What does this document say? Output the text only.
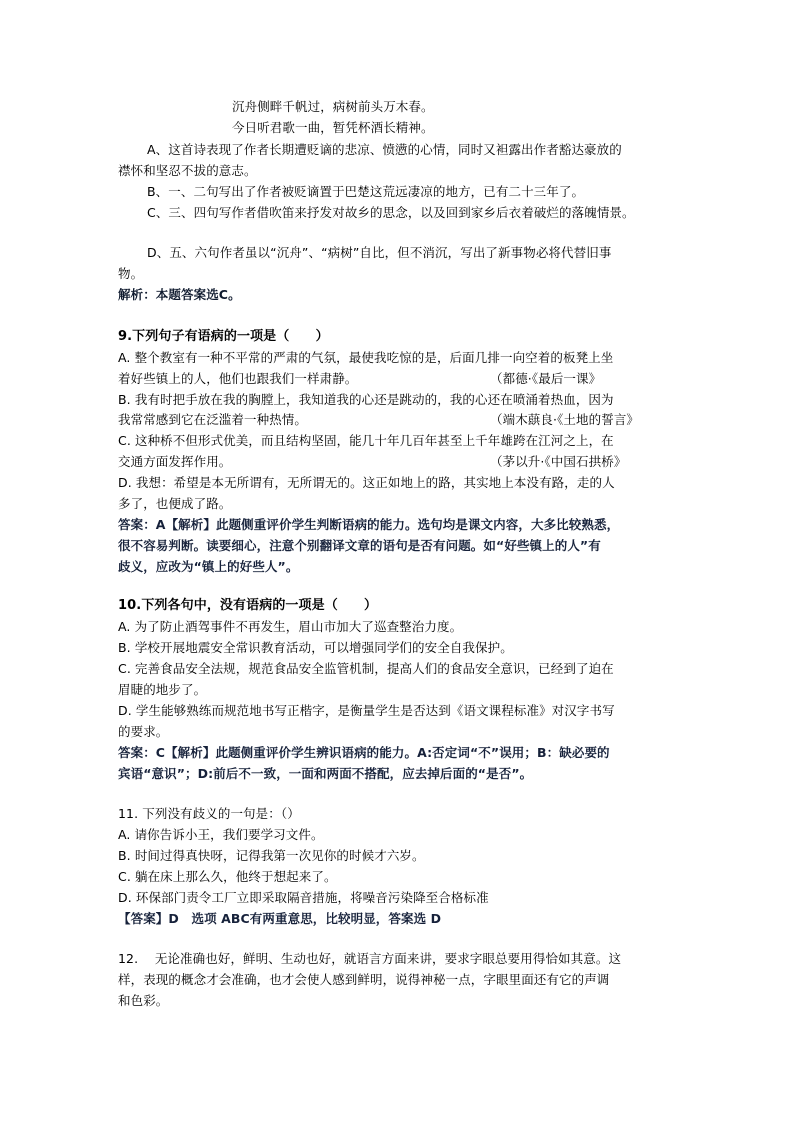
沉舟侧畔千帆过，病树前头万木春。
今日听君歌一曲，暂凭杯酒长精神。
A、这首诗表现了作者长期遭贬谪的悲凉、愤懑的心情，同时又袒露出作者豁达豪放的
襟怀和坚忍不拔的意志。
B、一、二句写出了作者被贬谪置于巴楚这荒远凄凉的地方，已有二十三年了。
C、三、四句写作者借吹笛来抒发对故乡的思念，以及回到家乡后衣着破烂的落魄情景。
D、五、六句作者虽以“沉舟”、“病树”自比，但不消沉，写出了新事物必将代替旧事
物。
解析：本题答案选C。
9.下列句子有语病的一项是（　　）
A. 整个教室有一种不平常的严肃的气氛，最使我吃惊的是，后面几排一向空着的板凳上坐
着好些镇上的人，他们也跟我们一样肃静。	（都德·《最后一课》
B. 我有时把手放在我的胸膛上，我知道我的心还是跳动的，我的心还在喷涌着热血，因为
我常常感到它在泛滥着一种热情。	（端木蕻良·《土地的誓言》
C. 这种桥不但形式优美，而且结构坚固，能几十年几百年甚至上千年雄跨在江河之上，在
交通方面发挥作用。	（茅以升·《中国石拱桥》
D. 我想：希望是本无所谓有，无所谓无的。这正如地上的路，其实地上本没有路，走的人
多了，也便成了路。
答案：A【解析】此题侧重评价学生判断语病的能力。选句均是课文内容，大多比较熟悉，
很不容易判断。读要细心，注意个别翻译文章的语句是否有问题。如“好些镇上的人”有
歧义，应改为“镇上的好些人”。
10.下列各句中，没有语病的一项是（　　）
A. 为了防止酒驾事件不再发生，眉山市加大了巡查整治力度。
B. 学校开展地震安全常识教育活动，可以增强同学们的安全自我保护。
C. 完善食品安全法规，规范食品安全监管机制，提高人们的食品安全意识，已经到了迫在
眉睫的地步了。
D. 学生能够熟练而规范地书写正楷字，是衡量学生是否达到《语文课程标准》对汉字书写
的要求。
答案：C【解析】此题侧重评价学生辨识语病的能力。A:否定词“不”误用；B：缺必要的
宾语“意识”；D:前后不一致，一面和两面不搭配，应去掉后面的“是否”。
11. 下列没有歧义的一句是：（）
A. 请你告诉小王，我们要学习文件。
B. 时间过得真快呀，记得我第一次见你的时候才六岁。
C. 躺在床上那么久，他终于想起来了。
D. 环保部门责令工厂立即采取隔音措施，将噪音污染降至合格标准
【答案】D　选项 ABC有两重意思，比较明显，答案选 D
12.　 无论准确也好，鲜明、生动也好，就语言方面来讲，要求字眼总要用得恰如其意。这
样，表现的概念才会准确，也才会使人感到鲜明，说得神秘一点，字眼里面还有它的声调
和色彩。
